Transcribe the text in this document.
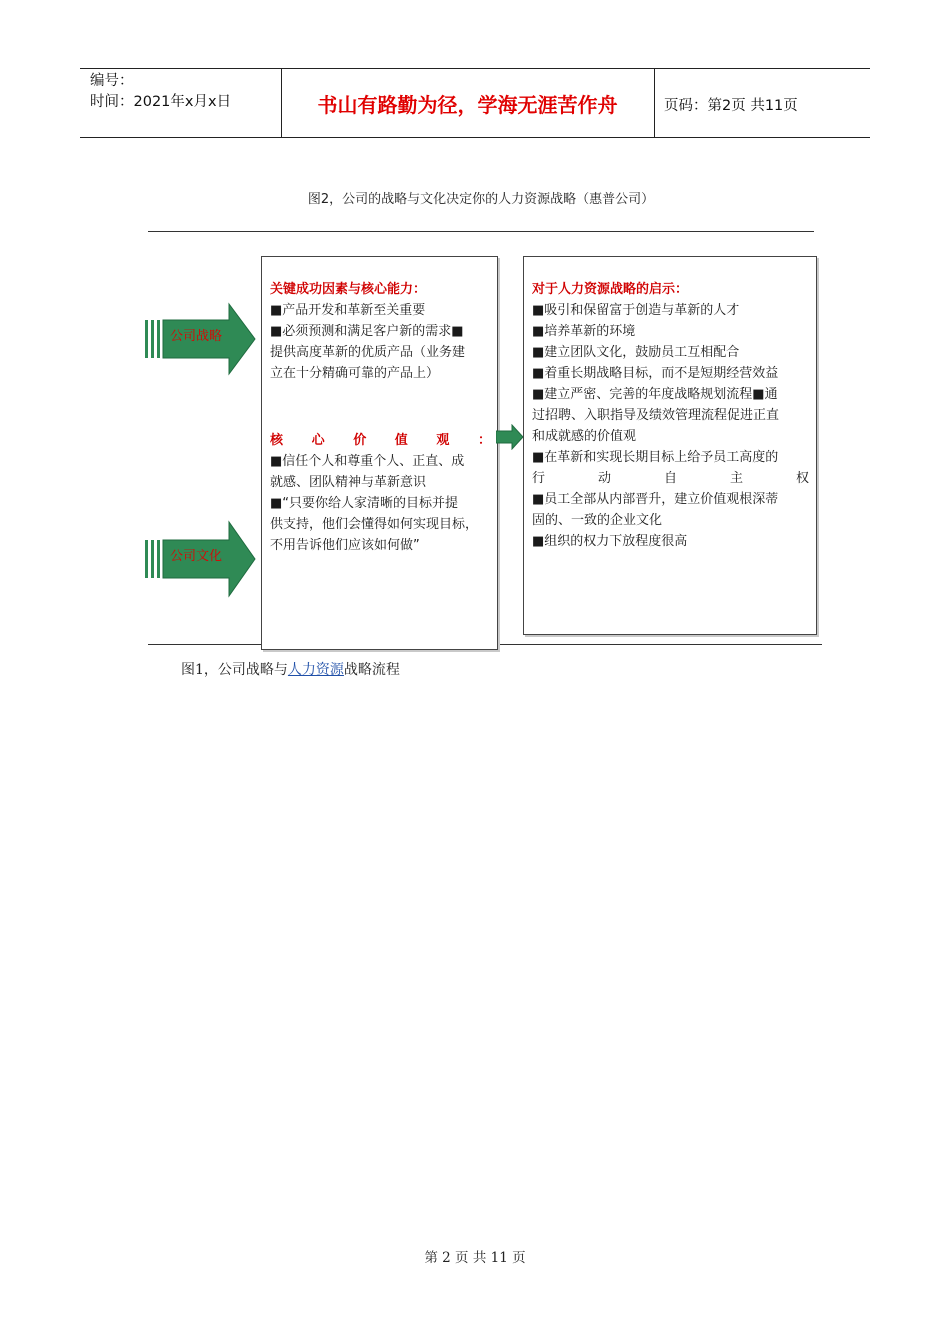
编号：
时间：2021年x月x日	书山有路勤为径，学海无涯苦作舟	页码：第2页 共11页
图2，公司的战略与文化决定你的人力资源战略（惠普公司）
公司战略
公司文化

关键成功因素与核心能力：

■产品开发和革新至关重要

■必须预测和满足客户新的需求■

提供高度革新的优质产品（业务建

立在十分精确可靠的产品上）

核 心 价 值 观 ：

■信任个人和尊重个人、正直、成

就感、团队精神与革新意识

■“只要你给人家清晰的目标并提

供支持，他们会懂得如何实现目标，

不用告诉他们应该如何做”

对于人力资源战略的启示：

■吸引和保留富于创造与革新的人才

■培养革新的环境

■建立团队文化，鼓励员工互相配合

■着重长期战略目标，而不是短期经营效益

■建立严密、完善的年度战略规划流程■通

过招聘、入职指导及绩效管理流程促进正直

和成就感的价值观

■在革新和实现长期目标上给予员工高度的

行	动	自	主	权

■员工全部从内部晋升，建立价值观根深蒂

固的、一致的企业文化

■组织的权力下放程度很高

图1，公司战略与人力资源战略流程
第 2 页 共 11 页
